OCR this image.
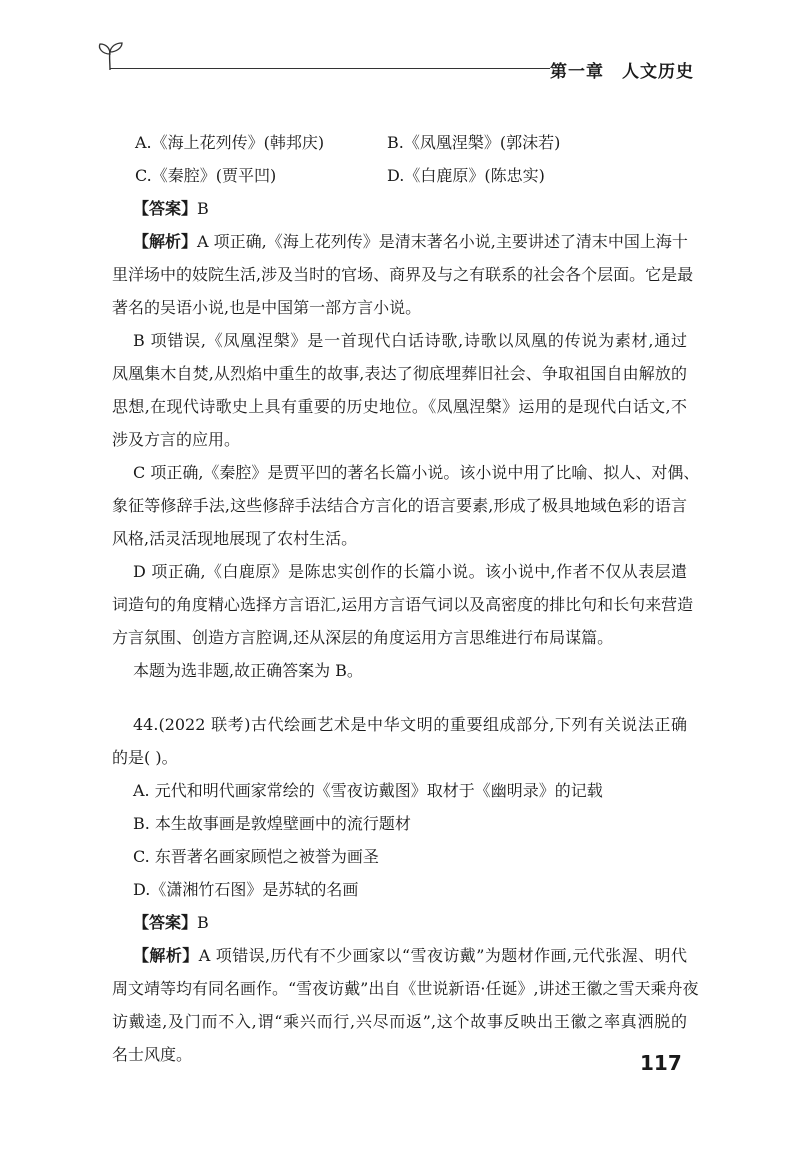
第一章 人文历史
A.《海上花列传》(韩邦庆)	B.《凤凰涅槃》(郭沫若)
C.《秦腔》(贾平凹)	D.《白鹿原》(陈忠实)
【答案】B
【解析】A 项正确,《海上花列传》是清末著名小说,主要讲述了清末中国上海十
里洋场中的妓院生活,涉及当时的官场、商界及与之有联系的社会各个层面。它是最
著名的吴语小说,也是中国第一部方言小说。
B 项错误,《凤凰涅槃》是一首现代白话诗歌,诗歌以凤凰的传说为素材,通过
凤凰集木自焚,从烈焰中重生的故事,表达了彻底埋葬旧社会、争取祖国自由解放的
思想,在现代诗歌史上具有重要的历史地位。《凤凰涅槃》运用的是现代白话文,不
涉及方言的应用。
C 项正确,《秦腔》是贾平凹的著名长篇小说。该小说中用了比喻、拟人、对偶、
象征等修辞手法,这些修辞手法结合方言化的语言要素,形成了极具地域色彩的语言
风格,活灵活现地展现了农村生活。
D 项正确,《白鹿原》是陈忠实创作的长篇小说。该小说中,作者不仅从表层遣
词造句的角度精心选择方言语汇,运用方言语气词以及高密度的排比句和长句来营造
方言氛围、创造方言腔调,还从深层的角度运用方言思维进行布局谋篇。
本题为选非题,故正确答案为 B。
44.(2022 联考)古代绘画艺术是中华文明的重要组成部分,下列有关说法正确
的是( )。
A. 元代和明代画家常绘的《雪夜访戴图》取材于《幽明录》的记载
B. 本生故事画是敦煌壁画中的流行题材
C. 东晋著名画家顾恺之被誉为画圣
D.《潇湘竹石图》是苏轼的名画
【答案】B
【解析】A 项错误,历代有不少画家以“雪夜访戴”为题材作画,元代张渥、明代
周文靖等均有同名画作。“雪夜访戴”出自《世说新语·任诞》,讲述王徽之雪天乘舟夜
访戴逵,及门而不入,谓“乘兴而行,兴尽而返”,这个故事反映出王徽之率真洒脱的
名士风度。	117
